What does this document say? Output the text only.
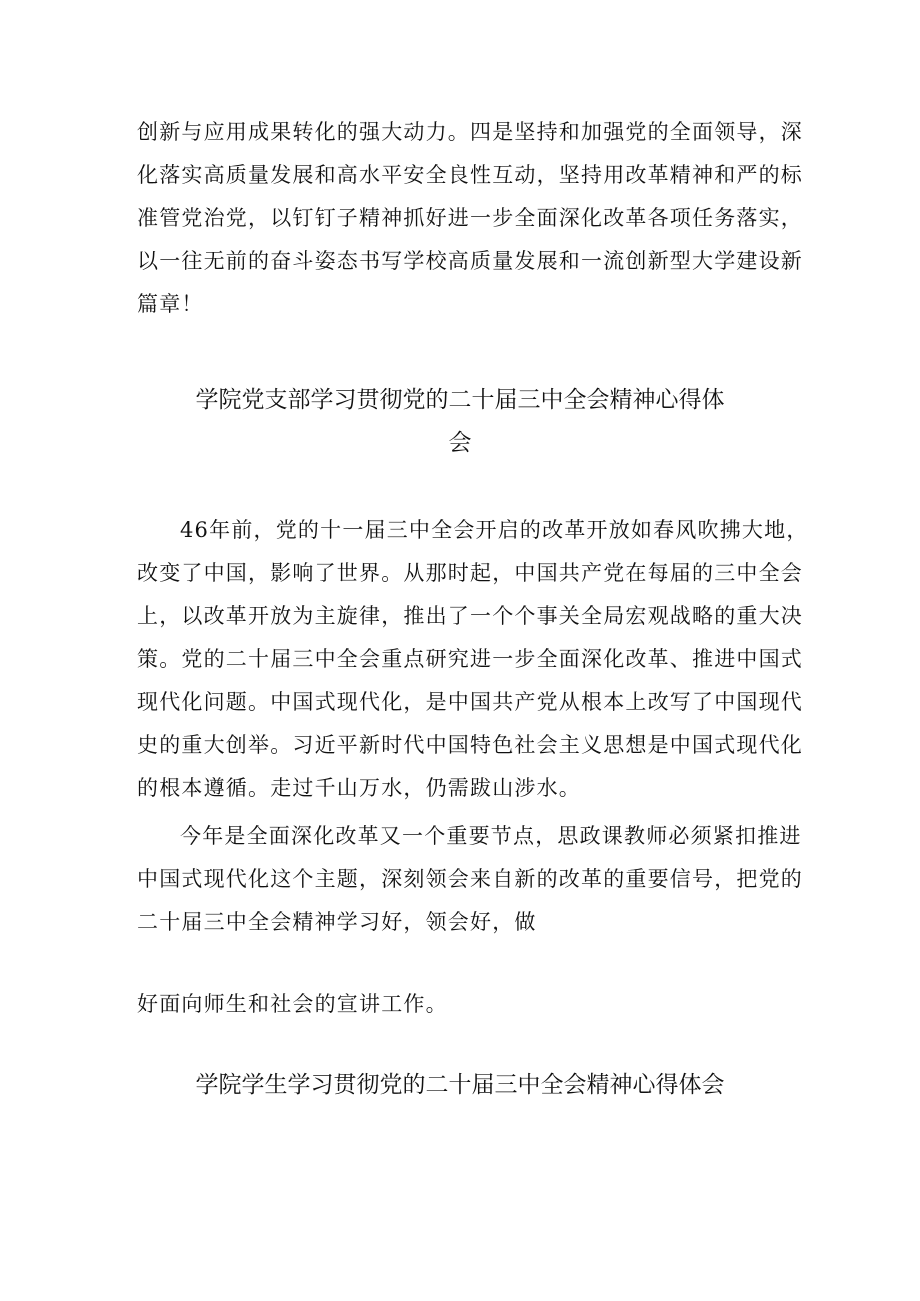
创新与应用成果转化的强大动力。四是坚持和加强党的全面领导，深
化落实高质量发展和高水平安全良性互动，坚持用改革精神和严的标
准管党治党，以钉钉子精神抓好进一步全面深化改革各项任务落实，
以一往无前的奋斗姿态书写学校高质量发展和一流创新型大学建设新
篇章！
学院党支部学习贯彻党的二十届三中全会精神心得体
会
46年前，党的十一届三中全会开启的改革开放如春风吹拂大地，
改变了中国，影响了世界。从那时起，中国共产党在每届的三中全会
上，以改革开放为主旋律，推出了一个个事关全局宏观战略的重大决
策。党的二十届三中全会重点研究进一步全面深化改革、推进中国式
现代化问题。中国式现代化，是中国共产党从根本上改写了中国现代
史的重大创举。习近平新时代中国特色社会主义思想是中国式现代化
的根本遵循。走过千山万水，仍需跋山涉水。
今年是全面深化改革又一个重要节点，思政课教师必须紧扣推进
中国式现代化这个主题，深刻领会来自新的改革的重要信号，把党的
二十届三中全会精神学习好，领会好，做
好面向师生和社会的宣讲工作。
学院学生学习贯彻党的二十届三中全会精神心得体会
